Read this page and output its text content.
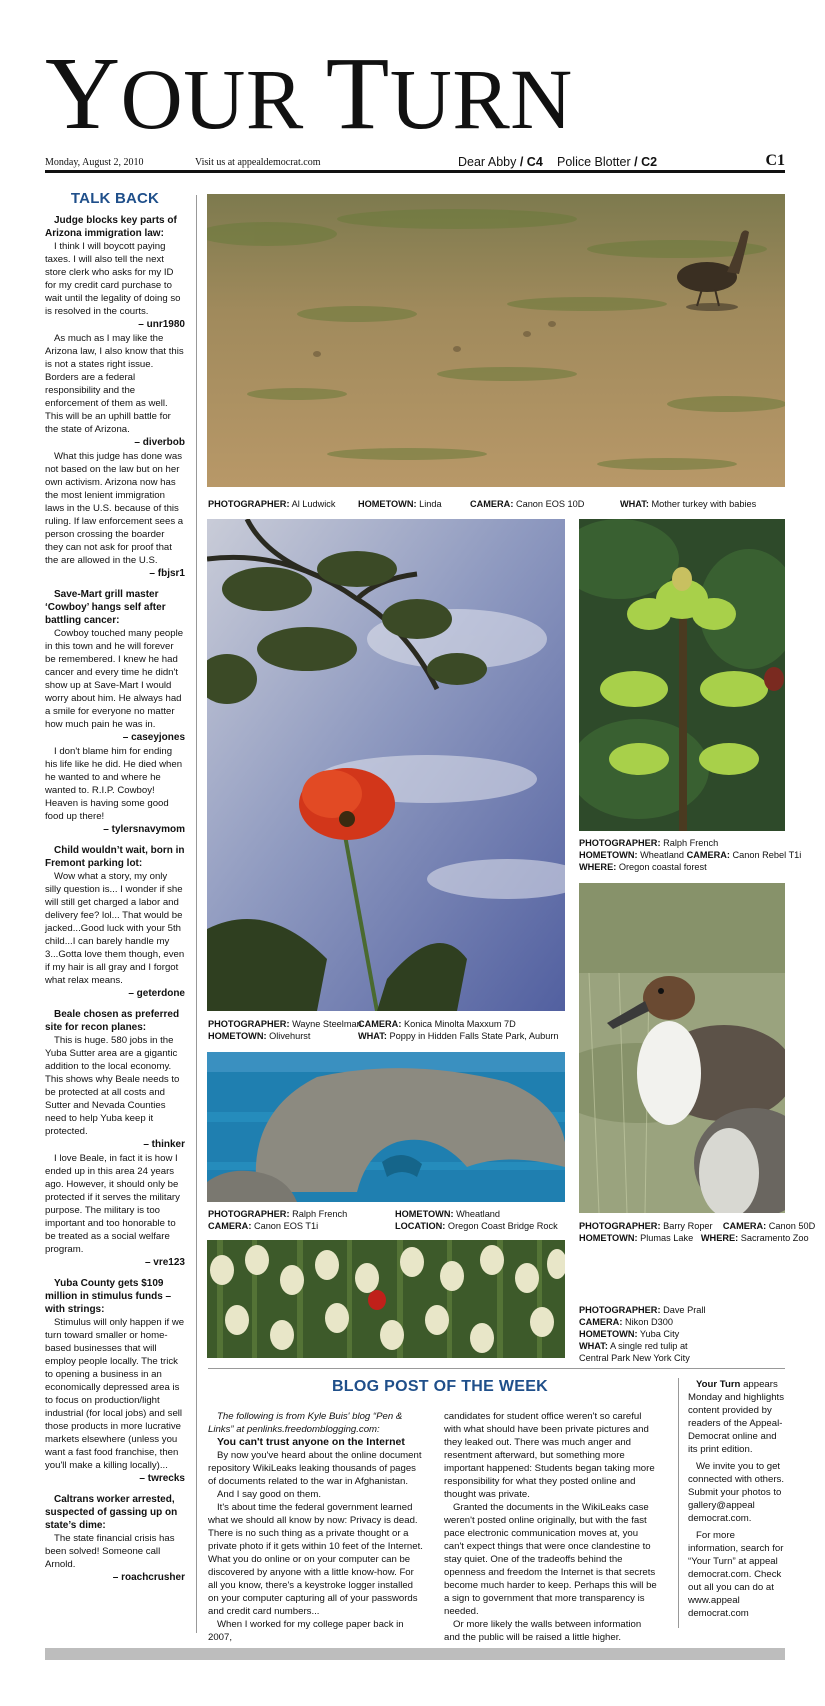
YOUR TURN
Monday, August 2, 2010	Visit us at appealdemocrat.com	Dear Abby / C4 Police Blotter / C2	C1
TALK BACK
Judge blocks key parts of Arizona immigration law:
I think I will boycott paying taxes. I will also tell the next store clerk who asks for my ID for my credit card purchase to wait until the legality of doing so is resolved in the courts.
– unr1980
As much as I may like the Arizona law, I also know that this is not a states right issue. Borders are a federal responsibility and the enforcement of them as well. This will be an uphill battle for the state of Arizona.
– diverbob
What this judge has done was not based on the law but on her own activism. Arizona now has the most lenient immigration laws in the U.S. because of this ruling. If law enforcement sees a person crossing the boarder they can not ask for proof that the are allowed in the U.S.
– fbjsr1
Save-Mart grill master ‘Cowboy’ hangs self after battling cancer:
Cowboy touched many people in this town and he will forever be remembered. I knew he had cancer and every time he didn't show up at Save-Mart I would worry about him. He always had a smile for everyone no matter how much pain he was in.
– caseyjones
I don't blame him for ending his life like he did. He died when he wanted to and where he wanted to. R.I.P. Cowboy! Heaven is having some good food up there!
– tylersnavymom
Child wouldn’t wait, born in Fremont parking lot:
Wow what a story, my only silly question is... I wonder if she will still get charged a labor and delivery fee? lol... That would be jacked...Good luck with your 5th child...I can barely handle my 3...Gotta love them though, even if my hair is all gray and I forgot what relax means.
– geterdone
Beale chosen as preferred site for recon planes:
This is huge. 580 jobs in the Yuba Sutter area are a gigantic addition to the local economy. This shows why Beale needs to be protected at all costs and Sutter and Nevada Counties need to help Yuba keep it protected.
– thinker
I love Beale, in fact it is how I ended up in this area 24 years ago. However, it should only be protected if it serves the military purpose. The military is too important and too honorable to be treated as a social welfare program.
– vre123
Yuba County gets $109 million in stimulus funds – with strings:
Stimulus will only happen if we turn toward smaller or home-based businesses that will employ people locally. The trick to opening a business in an economically depressed area is to focus on production/light industrial (for local jobs) and sell those products in more lucrative markets elsewhere (unless you want a fast food franchise, then you'll make a killing locally)...
– twrecks
Caltrans worker arrested, suspected of gassing up on state’s dime:
The state financial crisis has been solved! Someone call Arnold.
– roachcrusher
PHOTOGRAPHER: Al Ludwick HOMETOWN: Linda	CAMERA: Canon EOS 10D	WHAT: Mother turkey with babies
PHOTOGRAPHER: Wayne Steelman
HOMETOWN: Olivehurst
CAMERA: Konica Minolta Maxxum 7D
WHAT: Poppy in Hidden Falls State Park, Auburn
PHOTOGRAPHER: Ralph French
HOMETOWN: Wheatland CAMERA: Canon Rebel T1i
WHERE: Oregon coastal forest
PHOTOGRAPHER: Barry Roper CAMERA: Canon 50D
HOMETOWN: Plumas Lake WHERE: Sacramento Zoo
PHOTOGRAPHER: Ralph French
CAMERA: Canon EOS T1i
HOMETOWN: Wheatland
LOCATION: Oregon Coast Bridge Rock
PHOTOGRAPHER: Dave Prall
CAMERA: Nikon D300
HOMETOWN: Yuba City
WHAT: A single red tulip at Central Park New York City
BLOG POST OF THE WEEK

The following is from Kyle Buis' blog “Pen & Links” at penlinks.freedomblogging.com:

You can't trust anyone on the Internet

By now you've heard about the online document repository WikiLeaks leaking thousands of pages of documents related to the war in Afghanistan.

And I say good on them.

It's about time the federal government learned what we should all know by now: Privacy is dead. There is no such thing as a private thought or a private photo if it gets within 10 feet of the Internet. What you do online or on your computer can be discovered by anyone with a little know-how. For all you know, there's a keystroke logger installed on your computer capturing all of your passwords and credit card numbers...

When I worked for my college paper back in 2007,

candidates for student office weren't so careful with what should have been private pictures and they leaked out. There was much anger and resentment afterward, but something more important happened: Students began taking more responsibility for what they posted online and thought was private.

Granted the documents in the WikiLeaks case weren't posted online originally, but with the fast pace electronic communication moves at, you can't expect things that were once clandestine to stay quiet. One of the tradeoffs behind the openness and freedom the Internet is that secrets become much harder to keep. Perhaps this will be a sign to government that more transparency is needed.

Or more likely the walls between information and the public will be raised a little higher.

Your Turn appears Monday and highlights content provided by readers of the Appeal-Democrat online and its print edition.

We invite you to get connected with others. Submit your photos to gallery@appeal democrat.com.

For more information, search for “Your Turn” at appeal democrat.com. Check out all you can do at www.appeal democrat.com
